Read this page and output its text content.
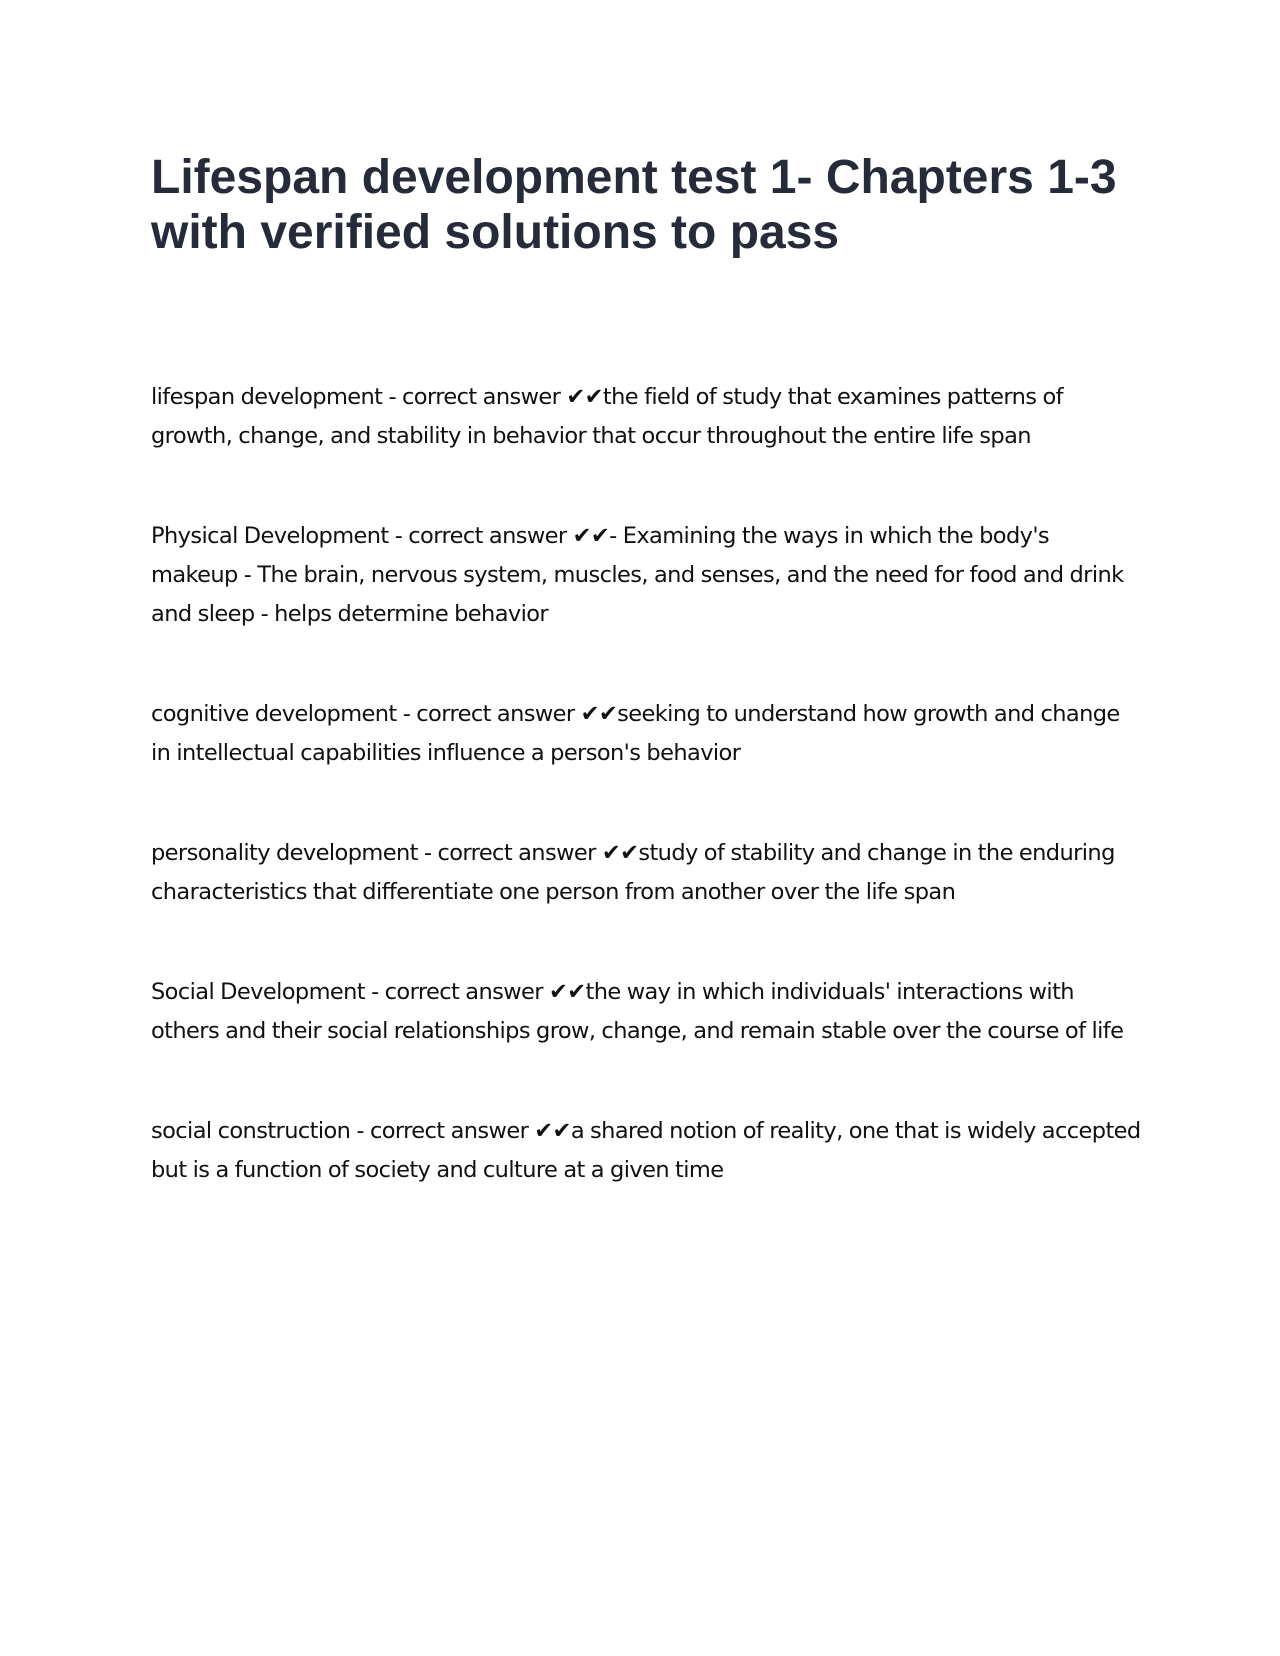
Lifespan development test 1- Chapters 1-3 with verified solutions to pass

lifespan development - correct answer ✔✔the field of study that examines patterns of growth, change, and stability in behavior that occur throughout the entire life span

Physical Development - correct answer ✔✔- Examining the ways in which the body's makeup - The brain, nervous system, muscles, and senses, and the need for food and drink and sleep - helps determine behavior

cognitive development - correct answer ✔✔seeking to understand how growth and change in intellectual capabilities influence a person's behavior

personality development - correct answer ✔✔study of stability and change in the enduring characteristics that differentiate one person from another over the life span

Social Development - correct answer ✔✔the way in which individuals' interactions with others and their social relationships grow, change, and remain stable over the course of life

social construction - correct answer ✔✔a shared notion of reality, one that is widely accepted but is a function of society and culture at a given time
